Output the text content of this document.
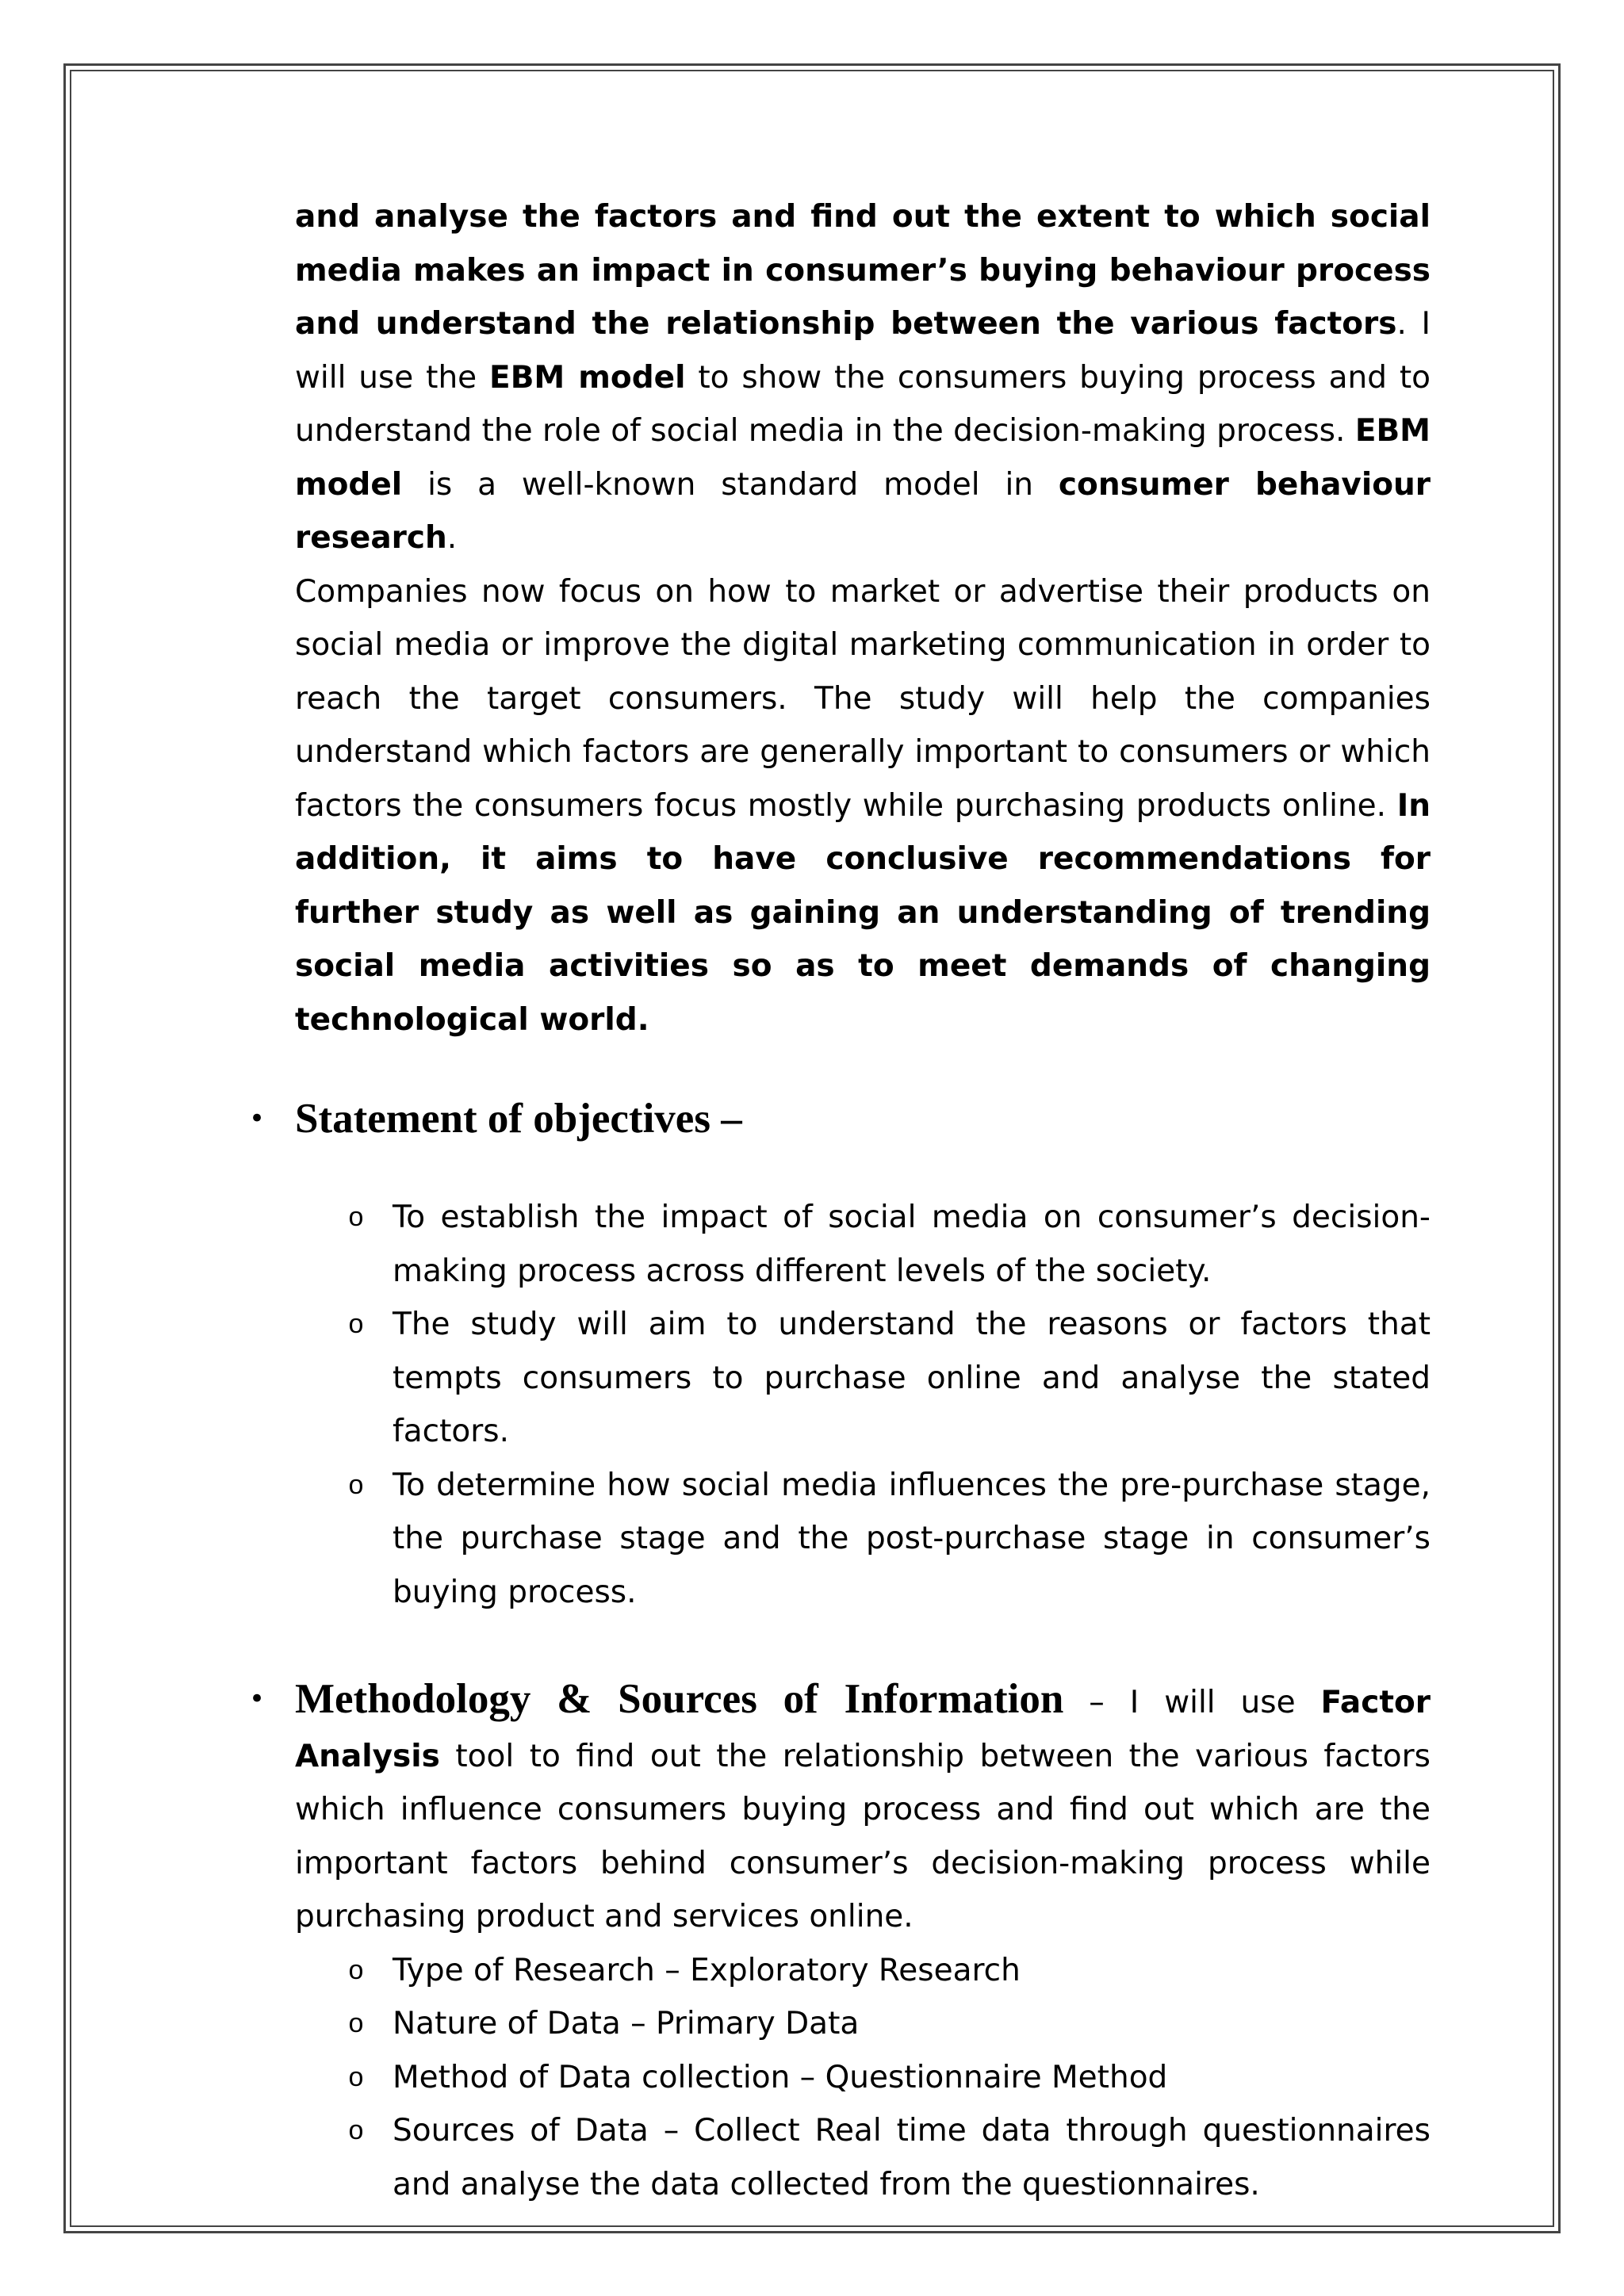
and analyse the factors and find out the extent to which social media makes an impact in consumer’s buying behaviour process and understand the relationship between the various factors. I will use the EBM model to show the consumers buying process and to understand the role of social media in the decision-making process. EBM model is a well-known standard model in consumer behaviour research.

Companies now focus on how to market or advertise their products on social media or improve the digital marketing communication in order to reach the target consumers. The study will help the companies understand which factors are generally important to consumers or which factors the consumers focus mostly while purchasing products online. In addition, it aims to have conclusive recommendations for further study as well as gaining an understanding of trending social media activities so as to meet demands of changing technological world.

• Statement of objectives –
o To establish the impact of social media on consumer’s decision-making process across different levels of the society.
o The study will aim to understand the reasons or factors that tempts consumers to purchase online and analyse the stated factors.
o To determine how social media influences the pre-purchase stage, the purchase stage and the post-purchase stage in consumer’s buying process.
• Methodology & Sources of Information – I will use Factor Analysis tool to find out the relationship between the various factors which influence consumers buying process and find out which are the important factors behind consumer’s decision-making process while purchasing product and services online.
o Type of Research – Exploratory Research
o Nature of Data – Primary Data
o Method of Data collection – Questionnaire Method
o Sources of Data – Collect Real time data through questionnaires and analyse the data collected from the questionnaires.
